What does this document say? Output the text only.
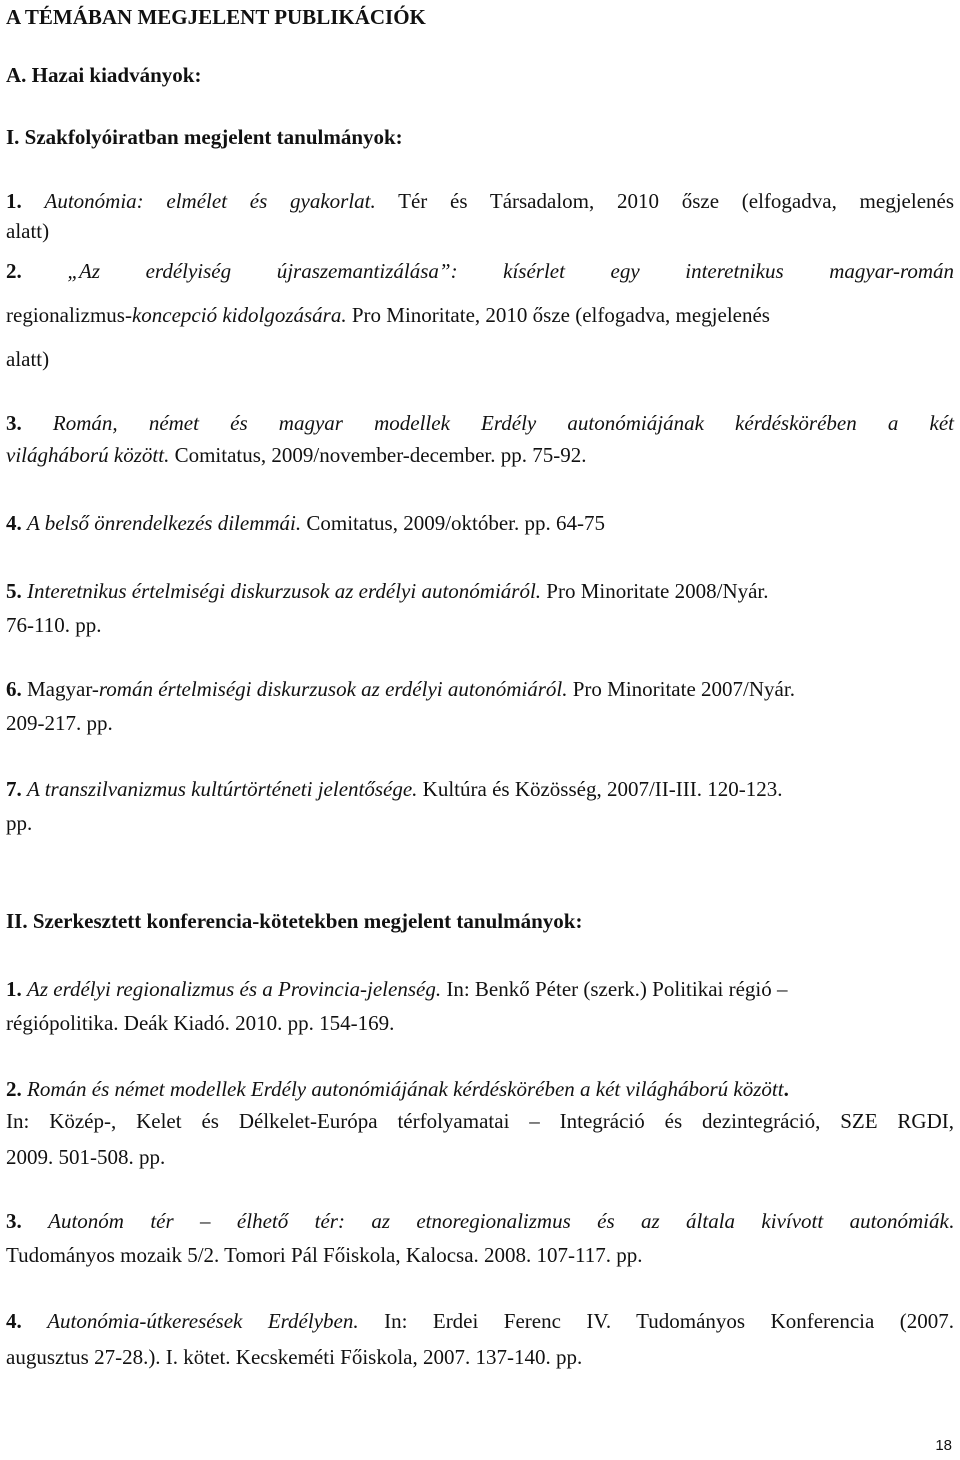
A TÉMÁBAN MEGJELENT PUBLIKÁCIÓK

A. Hazai kiadványok:

I. Szakfolyóiratban megjelent tanulmányok:

1. Autonómia: elmélet és gyakorlat. Tér és Társadalom, 2010 ősze (elfogadva, megjelenés

alatt)

2. „Az erdélyiség újraszemantizálása”: kísérlet egy interetnikus magyar-román

regionalizmus-koncepció kidolgozására. Pro Minoritate, 2010 ősze (elfogadva, megjelenés

alatt)

3. Román, német és magyar modellek Erdély autonómiájának kérdéskörében a két

világháború között. Comitatus, 2009/november-december. pp. 75-92.

4. A belső önrendelkezés dilemmái. Comitatus, 2009/október. pp. 64-75

5. Interetnikus értelmiségi diskurzusok az erdélyi autonómiáról. Pro Minoritate 2008/Nyár.

76-110. pp.

6. Magyar-román értelmiségi diskurzusok az erdélyi autonómiáról. Pro Minoritate 2007/Nyár.

209-217. pp.

7. A transzilvanizmus kultúrtörténeti jelentősége. Kultúra és Közösség, 2007/II-III. 120-123.

pp.

II. Szerkesztett konferencia-kötetekben megjelent tanulmányok:

1. Az erdélyi regionalizmus és a Provincia-jelenség. In: Benkő Péter (szerk.) Politikai régió –

régiópolitika. Deák Kiadó. 2010. pp. 154-169.

2. Román és német modellek Erdély autonómiájának kérdéskörében a két világháború között.

In: Közép-, Kelet és Délkelet-Európa térfolyamatai – Integráció és dezintegráció, SZE RGDI,

2009. 501-508. pp.

3. Autonóm tér – élhető tér: az etnoregionalizmus és az általa kivívott autonómiák.

Tudományos mozaik 5/2. Tomori Pál Főiskola, Kalocsa. 2008. 107-117. pp.

4. Autonómia-útkeresések Erdélyben. In: Erdei Ferenc IV. Tudományos Konferencia (2007.

augusztus 27-28.). I. kötet. Kecskeméti Főiskola, 2007. 137-140. pp.

18
